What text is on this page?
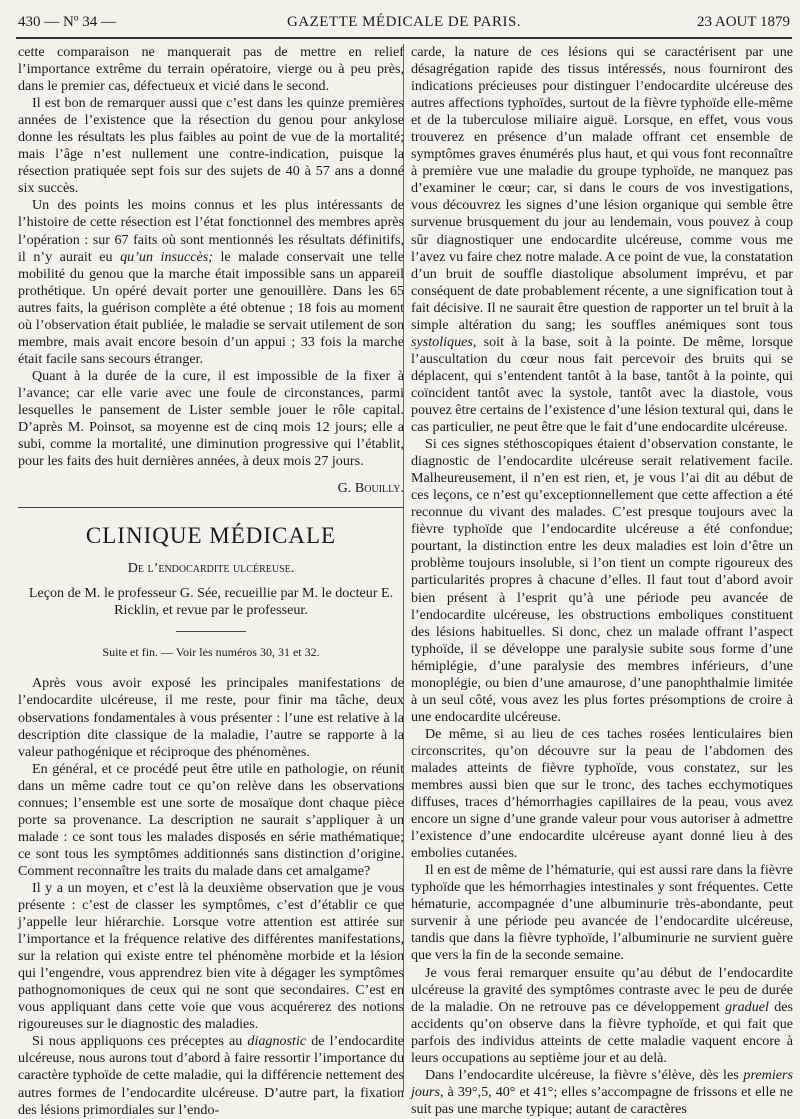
430 — Nº 34 —	GAZETTE MÉDICALE DE PARIS.	23 AOUT 1879

cette comparaison ne manquerait pas de mettre en relief l’importance extrême du terrain opératoire, vierge ou à peu près, dans le premier cas, défectueux et vicié dans le second.

Il est bon de remarquer aussi que c’est dans les quinze premières années de l’existence que la résection du genou pour ankylose donne les résultats les plus faibles au point de vue de la mortalité; mais l’âge n’est nullement une contre-indication, puisque la résection pratiquée sept fois sur des sujets de 40 à 57 ans a donné six succès.

Un des points les moins connus et les plus intéressants de l’histoire de cette résection est l’état fonctionnel des membres après l’opération : sur 67 faits où sont mentionnés les résultats définitifs, il n’y aurait eu qu’un insuccès; le malade conservait une telle mobilité du genou que la marche était impossible sans un appareil prothétique. Un opéré devait porter une genouillère. Dans les 65 autres faits, la guérison complète a été obtenue ; 18 fois au moment où l’observation était publiée, le maladie se servait utilement de son membre, mais avait encore besoin d’un appui ; 33 fois la marche était facile sans secours étranger.

Quant à la durée de la cure, il est impossible de la fixer à l’avance; car elle varie avec une foule de circonstances, parmi lesquelles le pansement de Lister semble jouer le rôle capital. D’après M. Poinsot, sa moyenne est de cinq mois 12 jours; elle a subi, comme la mortalité, une diminution progressive qui l’établit, pour les faits des huit dernières années, à deux mois 27 jours.

G. Bouilly.

CLINIQUE MÉDICALE

De l’endocardite ulcéreuse.

Leçon de M. le professeur G. Sée, recueillie par M. le docteur E. Ricklin, et revue par le professeur.

Suite et fin. — Voir les numéros 30, 31 et 32.

Après vous avoir exposé les principales manifestations de l’endocardite ulcéreuse, il me reste, pour finir ma tâche, deux observations fondamentales à vous présenter : l’une est relative à la description dite classique de la maladie, l’autre se rapporte à la valeur pathogénique et réciproque des phénomènes.

En général, et ce procédé peut être utile en pathologie, on réunit dans un même cadre tout ce qu’on relève dans les observations connues; l’ensemble est une sorte de mosaïque dont chaque pièce porte sa provenance. La description ne saurait s’appliquer à un malade : ce sont tous les malades disposés en série mathématique; ce sont tous les symptômes additionnés sans distinction d’origine. Comment reconnaître les traits du malade dans cet amalgame?

Il y a un moyen, et c’est là la deuxième observation que je vous présente : c’est de classer les symptômes, c’est d’établir ce que j’appelle leur hiérarchie. Lorsque votre attention est attirée sur l’importance et la fréquence relative des différentes manifestations, sur la relation qui existe entre tel phénomène morbide et la lésion qui l’engendre, vous apprendrez bien vite à dégager les symptômes pathognomoniques de ceux qui ne sont que secondaires. C’est en vous appliquant dans cette voie que vous acquérerez des notions rigoureuses sur le diagnostic des maladies.

Si nous appliquons ces préceptes au diagnostic de l’endocardite ulcéreuse, nous aurons tout d’abord à faire ressortir l’importance du caractère typhoïde de cette maladie, qui la différencie nettement des autres formes de l’endocardite ulcéreuse. D’autre part, la fixation des lésions primordiales sur l’endo-

carde, la nature de ces lésions qui se caractérisent par une désagrégation rapide des tissus intéressés, nous fourniront des indications précieuses pour distinguer l’endocardite ulcéreuse des autres affections typhoïdes, surtout de la fièvre typhoïde elle-même et de la tuberculose miliaire aiguë. Lorsque, en effet, vous vous trouverez en présence d’un malade offrant cet ensemble de symptômes graves énumérés plus haut, et qui vous font reconnaître à première vue une maladie du groupe typhoïde, ne manquez pas d’examiner le cœur; car, si dans le cours de vos investigations, vous découvrez les signes d’une lésion organique qui semble être survenue brusquement du jour au lendemain, vous pouvez à coup sûr diagnostiquer une endocardite ulcéreuse, comme vous me l’avez vu faire chez notre malade. A ce point de vue, la constatation d’un bruit de souffle diastolique absolument imprévu, et par conséquent de date probablement récente, a une signification tout à fait décisive. Il ne saurait être question de rapporter un tel bruit à la simple altération du sang; les souffles anémiques sont tous systoliques, soit à la base, soit à la pointe. De même, lorsque l’auscultation du cœur nous fait percevoir des bruits qui se déplacent, qui s’entendent tantôt à la base, tantôt à la pointe, qui coïncident tantôt avec la systole, tantôt avec la diastole, vous pouvez être certains de l’existence d’une lésion textural qui, dans le cas particulier, ne peut être que le fait d’une endocardite ulcéreuse.

Si ces signes stéthoscopiques étaient d’observation constante, le diagnostic de l’endocardite ulcéreuse serait relativement facile. Malheureusement, il n’en est rien, et, je vous l’ai dit au début de ces leçons, ce n’est qu’exceptionnellement que cette affection a été reconnue du vivant des malades. C’est presque toujours avec la fièvre typhoïde que l’endocardite ulcéreuse a été confondue; pourtant, la distinction entre les deux maladies est loin d’être un problème toujours insoluble, si l’on tient un compte rigoureux des particularités propres à chacune d’elles. Il faut tout d’abord avoir bien présent à l’esprit qu’à une période peu avancée de l’endocardite ulcéreuse, les obstructions emboliques constituent des lésions habituelles. Si donc, chez un malade offrant l’aspect typhoïde, il se développe une paralysie subite sous forme d’une hémiplégie, d’une paralysie des membres inférieurs, d’une monoplégie, ou bien d’une amaurose, d’une panophthalmie limitée à un seul côté, vous avez les plus fortes présomptions de croire à une endocardite ulcéreuse.

De même, si au lieu de ces taches rosées lenticulaires bien circonscrites, qu’on découvre sur la peau de l’abdomen des malades atteints de fièvre typhoïde, vous constatez, sur les membres aussi bien que sur le tronc, des taches ecchymotiques diffuses, traces d’hémorrhagies capillaires de la peau, vous avez encore un signe d’une grande valeur pour vous autoriser à admettre l’existence d’une endocardite ulcéreuse ayant donné lieu à des embolies cutanées.

Il en est de même de l’hématurie, qui est aussi rare dans la fièvre typhoïde que les hémorrhagies intestinales y sont fréquentes. Cette hématurie, accompagnée d’une albuminurie très-abondante, peut survenir à une période peu avancée de l’endocardite ulcéreuse, tandis que dans la fièvre typhoïde, l’albuminurie ne survient guère que vers la fin de la seconde semaine.

Je vous ferai remarquer ensuite qu’au début de l’endocardite ulcéreuse la gravité des symptômes contraste avec le peu de durée de la maladie. On ne retrouve pas ce développement graduel des accidents qu’on observe dans la fièvre typhoïde, et qui fait que parfois des individus atteints de cette maladie vaquent encore à leurs occupations au septième jour et au delà.

Dans l’endocardite ulcéreuse, la fièvre s’élève, dès les premiers jours, à 39°,5, 40° et 41°; elles s’accompagne de frissons et elle ne suit pas une marche typique; autant de caractères
